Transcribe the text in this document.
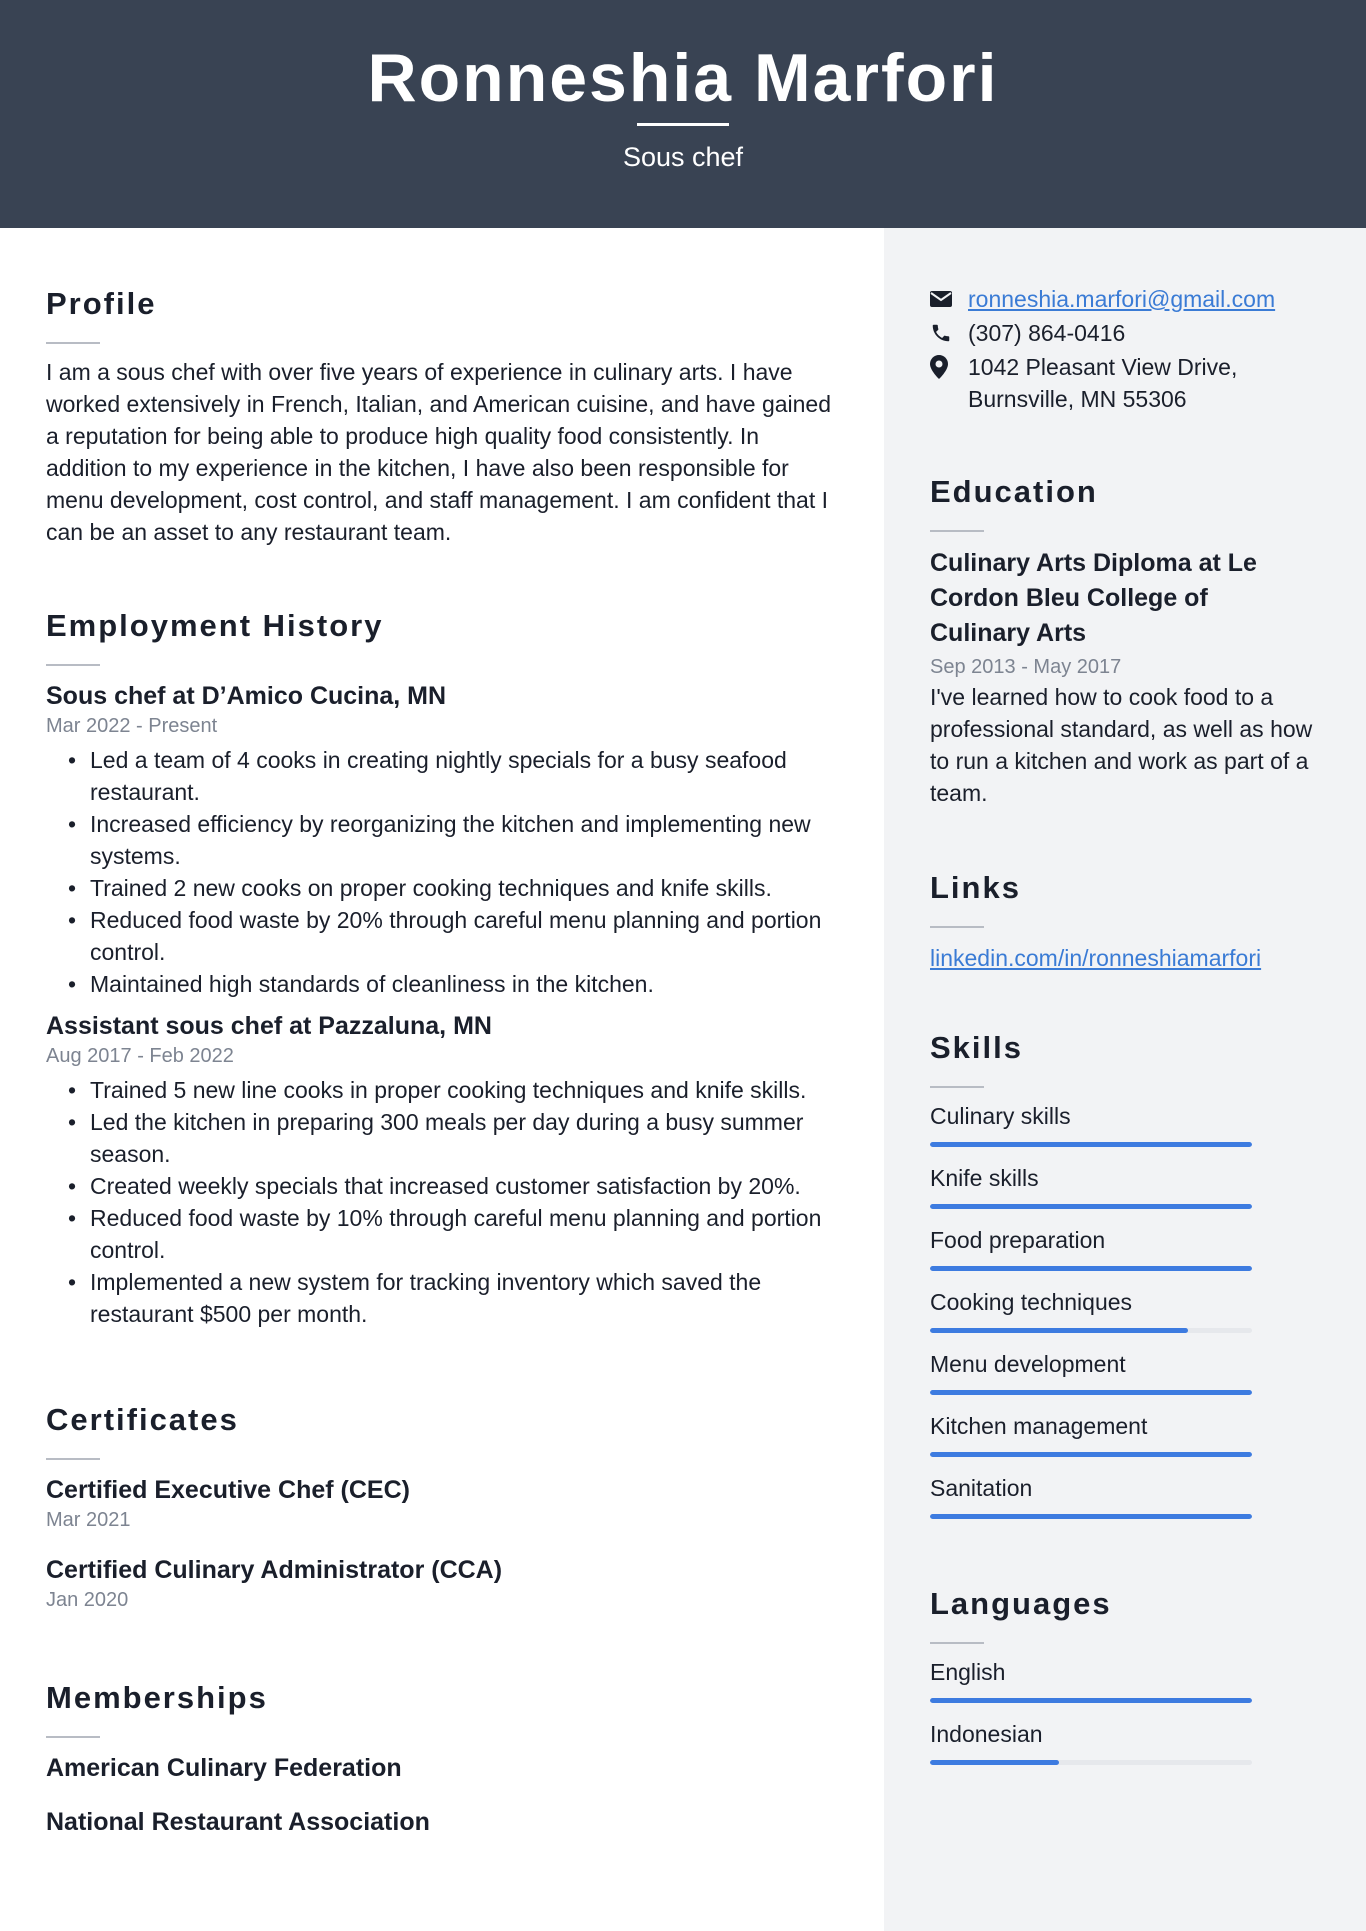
Ronneshia Marfori
Sous chef
Profile
I am a sous chef with over five years of experience in culinary arts. I have worked extensively in French, Italian, and American cuisine, and have gained a reputation for being able to produce high quality food consistently. In addition to my experience in the kitchen, I have also been responsible for menu development, cost control, and staff management. I am confident that I can be an asset to any restaurant team.
Employment History
Sous chef at D’Amico Cucina, MN
Mar 2022 - Present
• Led a team of 4 cooks in creating nightly specials for a busy seafood restaurant.
• Increased efficiency by reorganizing the kitchen and implementing new systems.
• Trained 2 new cooks on proper cooking techniques and knife skills.
• Reduced food waste by 20% through careful menu planning and portion control.
• Maintained high standards of cleanliness in the kitchen.
Assistant sous chef at Pazzaluna, MN
Aug 2017 - Feb 2022
• Trained 5 new line cooks in proper cooking techniques and knife skills.
• Led the kitchen in preparing 300 meals per day during a busy summer season.
• Created weekly specials that increased customer satisfaction by 20%.
• Reduced food waste by 10% through careful menu planning and portion control.
• Implemented a new system for tracking inventory which saved the restaurant $500 per month.
Certificates
Certified Executive Chef (CEC)
Mar 2021
Certified Culinary Administrator (CCA)
Jan 2020
Memberships
American Culinary Federation
National Restaurant Association
ronneshia.marfori@gmail.com
(307) 864-0416
1042 Pleasant View Drive,
Burnsville, MN 55306
Education
Culinary Arts Diploma at Le Cordon Bleu College of Culinary Arts
Sep 2013 - May 2017
I've learned how to cook food to a professional standard, as well as how to run a kitchen and work as part of a team.
Links
linkedin.com/in/ronneshiamarfori
Skills
Culinary skills
Knife skills
Food preparation
Cooking techniques
Menu development
Kitchen management
Sanitation
Languages
English
Indonesian
